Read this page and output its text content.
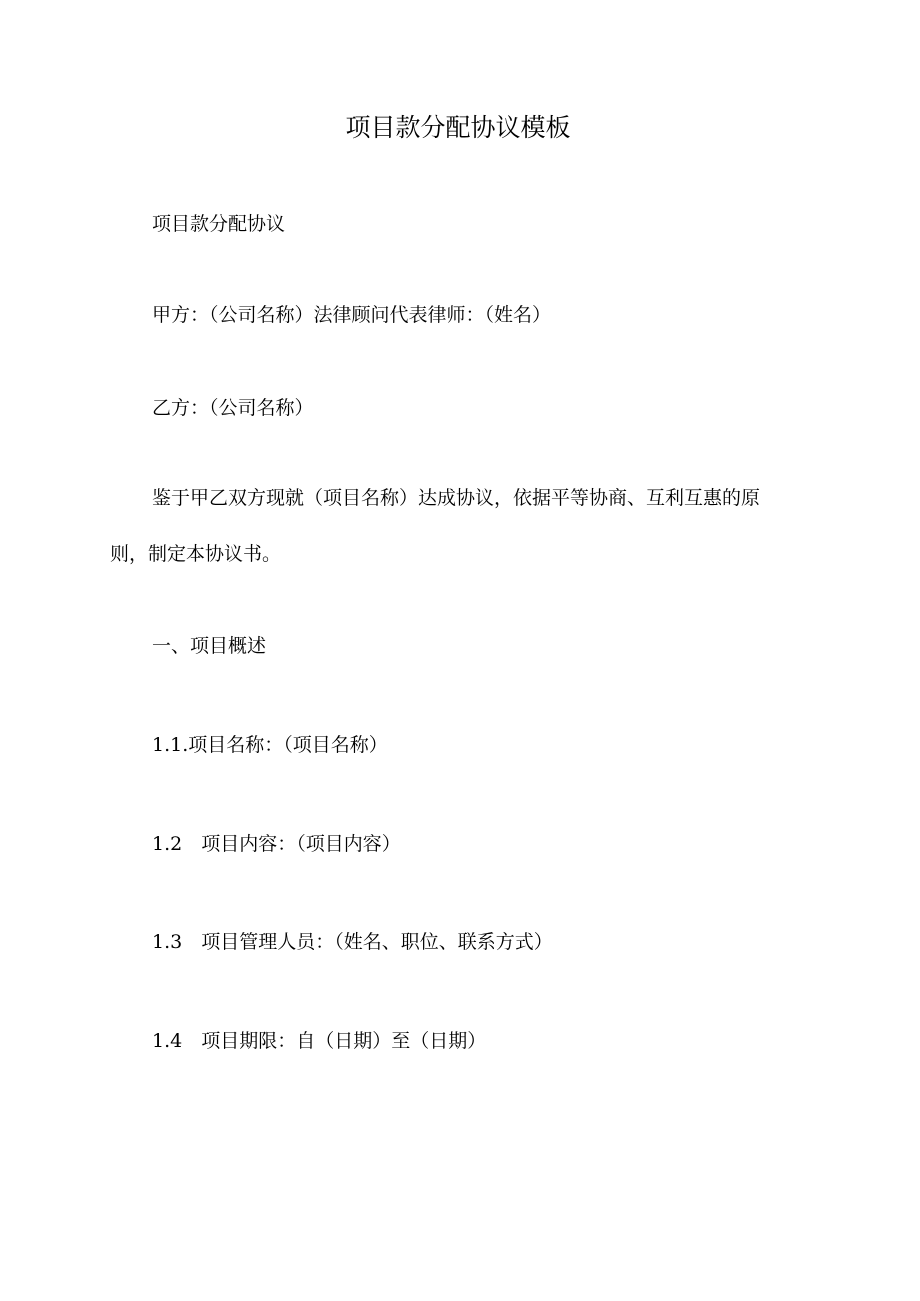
项目款分配协议模板
项目款分配协议
甲方：（公司名称）法律顾问代表律师：（姓名）
乙方：（公司名称）
鉴于甲乙双方现就（项目名称）达成协议，依据平等协商、互利互惠的原
则，制定本协议书。
一、项目概述
1.1.项目名称：（项目名称）
1.2　项目内容：（项目内容）
1.3　项目管理人员：（姓名、职位、联系方式）
1.4　项目期限：自（日期）至（日期）
